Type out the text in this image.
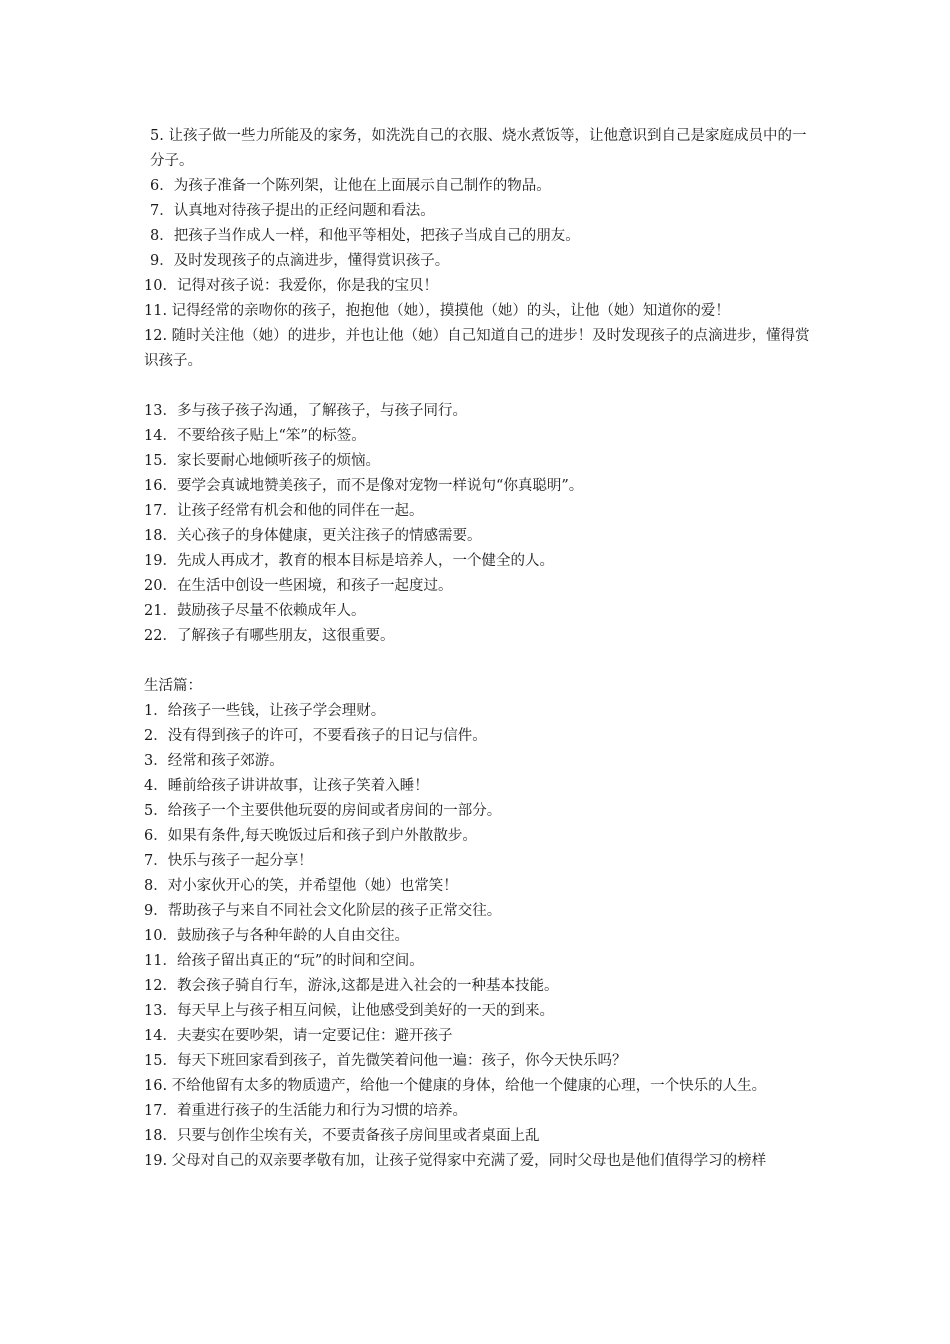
5. 让孩子做一些力所能及的家务，如洗洗自己的衣服、烧水煮饭等，让他意识到自己是家庭成员中的一分子。
6．为孩子准备一个陈列架，让他在上面展示自己制作的物品。
7．认真地对待孩子提出的正经问题和看法。
8．把孩子当作成人一样，和他平等相处，把孩子当成自己的朋友。
9．及时发现孩子的点滴进步，懂得赏识孩子。
10．记得对孩子说：我爱你，你是我的宝贝！
11. 记得经常的亲吻你的孩子，抱抱他（她），摸摸他（她）的头，让他（她）知道你的爱！
12. 随时关注他（她）的进步，并也让他（她）自己知道自己的进步！及时发现孩子的点滴进步，懂得赏识孩子。
13．多与孩子孩子沟通，了解孩子，与孩子同行。
14．不要给孩子贴上“笨”的标签。
15．家长要耐心地倾听孩子的烦恼。
16．要学会真诚地赞美孩子，而不是像对宠物一样说句“你真聪明”。
17．让孩子经常有机会和他的同伴在一起。
18．关心孩子的身体健康，更关注孩子的情感需要。
19．先成人再成才，教育的根本目标是培养人，一个健全的人。
20．在生活中创设一些困境，和孩子一起度过。
21．鼓励孩子尽量不依赖成年人。
22．了解孩子有哪些朋友，这很重要。
生活篇：
1．给孩子一些钱，让孩子学会理财。
2．没有得到孩子的许可，不要看孩子的日记与信件。
3．经常和孩子郊游。
4．睡前给孩子讲讲故事，让孩子笑着入睡！
5．给孩子一个主要供他玩耍的房间或者房间的一部分。
6．如果有条件,每天晚饭过后和孩子到户外散散步。
7．快乐与孩子一起分享！
8．对小家伙开心的笑，并希望他（她）也常笑！
9．帮助孩子与来自不同社会文化阶层的孩子正常交往。
10．鼓励孩子与各种年龄的人自由交往。
11．给孩子留出真正的“玩”的时间和空间。
12．教会孩子骑自行车，游泳,这都是进入社会的一种基本技能。
13．每天早上与孩子相互问候，让他感受到美好的一天的到来。
14．夫妻实在要吵架，请一定要记住：避开孩子
15．每天下班回家看到孩子，首先微笑着问他一遍：孩子，你今天快乐吗？
16. 不给他留有太多的物质遗产，给他一个健康的身体，给他一个健康的心理，一个快乐的人生。
17．着重进行孩子的生活能力和行为习惯的培养。
18．只要与创作尘埃有关，不要责备孩子房间里或者桌面上乱
19. 父母对自己的双亲要孝敬有加，让孩子觉得家中充满了爱，同时父母也是他们值得学习的榜样
